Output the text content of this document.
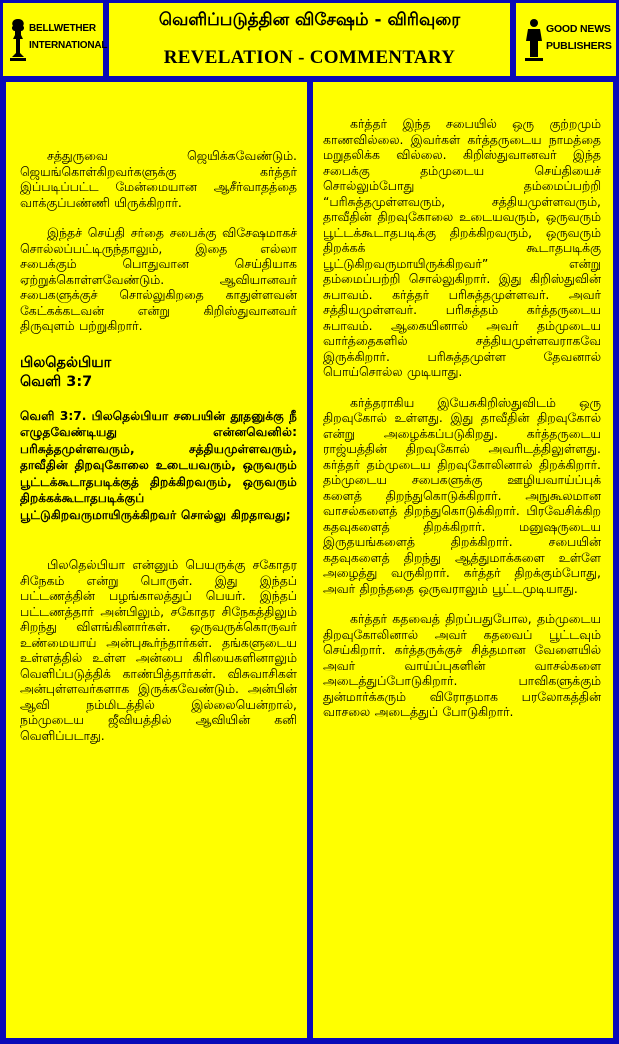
BELLWETHER
INTERNATIONAL
வெளிப்படுத்தின விசேஷம் - விரிவுரை
REVELATION - COMMENTARY
GOOD NEWS
PUBLISHERS

சத்துருவை ஜெயிக்கவேண்டும். ஜெயங்கொள்கிறவர்களுக்கு கர்த்தர் இப்படிப்பட்ட மேன்மையான ஆசீர்வாதத்தை வாக்குப்பண்ணி யிருக்கிறார்.

இந்தச் செய்தி சர்தை சபைக்கு விசேஷமாகச் சொல்லப்பட்டிருந்தாலும், இதை எல்லா சபைக்கும் பொதுவான செய்தியாக ஏற்றுக்கொள்ளவேண்டும். ஆவியானவர் சபைகளுக்குச் சொல்லுகிறதை காதுள்ளவன் கேட்கக்கடவன் என்று கிறிஸ்துவானவர் திருவுளம் பற்றுகிறார்.

பிலதெல்பியா
வெளி 3:7

வெளி 3:7. பிலதெல்பியா சபையின் தூதனுக்கு நீ எழுதவேண்டியது என்னவெனில்: பரிசுத்தமுள்ளவரும், சத்தியமுள்ளவரும், தாவீதின் திறவுகோலை உடையவரும், ஒருவரும் பூட்டக்கூடாதபடிக்குத் திறக்கிறவரும், ஒருவரும் திறக்கக்கூடாதபடிக்குப் பூட்டுகிறவருமாயிருக்கிறவர் சொல்லு கிறதாவது;

பிலதெல்பியா என்னும் பெயருக்கு சகோதர சிநேகம் என்று பொருள். இது இந்தப் பட்டணத்தின் பழங்காலத்துப் பெயர். இந்தப் பட்டணத்தார் அன்பிலும், சகோதர சிநேகத்திலும் சிறந்து விளங்கினார்கள். ஒருவருக்கொருவர் உண்மையாய் அன்புகூர்ந்தார்கள். தங்களுடைய உள்ளத்தில் உள்ள அன்பை கிரியைகளினாலும் வெளிப்படுத்திக் காண்பித்தார்கள். விசுவாசிகள் அன்புள்ளவர்களாக இருக்கவேண்டும். அன்பின் ஆவி நம்மிடத்தில் இல்லையென்றால், நம்முடைய ஜீவியத்தில் ஆவியின் கனி வெளிப்படாது.

கர்த்தர் இந்த சபையில் ஒரு குற்றமும் காணவில்லை. இவர்கள் கர்த்தருடைய நாமத்தை மறுதலிக்க வில்லை. கிறிஸ்துவானவர் இந்த சபைக்கு தம்முடைய செய்தியைச் சொல்லும்போது தம்மைப்பற்றி “பரிசுத்தமுள்ளவரும், சத்தியமுள்ளவரும், தாவீதின் திறவுகோலை உடையவரும், ஒருவரும் பூட்டக்கூடாதபடிக்கு திறக்கிறவரும், ஒருவரும் திறக்கக் கூடாதபடிக்கு பூட்டுகிறவருமாயிருக்கிறவர்” என்று தம்மைப்பற்றி சொல்லுகிறார். இது கிறிஸ்துவின் சுபாவம். கர்த்தர் பரிசுத்தமுள்ளவர். அவர் சத்தியமுள்ளவர். பரிசுத்தம் கர்த்தருடைய சுபாவம். ஆகையினால் அவர் தம்முடைய வார்த்தைகளில் சத்தியமுள்ளவராகவே இருக்கிறார். பரிசுத்தமுள்ள தேவனால் பொய்சொல்ல முடியாது.

கர்த்தராகிய இயேசுகிறிஸ்துவிடம் ஒரு திறவுகோல் உள்ளது. இது தாவீதின் திறவுகோல் என்று அழைக்கப்படுகிறது. கர்த்தருடைய ராஜ்யத்தின் திறவுகோல் அவரிடத்திலுள்ளது. கர்த்தர் தம்முடைய திறவுகோலினால் திறக்கிறார். தம்முடைய சபைகளுக்கு ஊழியவாய்ப்புக் களைத் திறந்துகொடுக்கிறார். அநுகூலமான வாசல்களைத் திறந்துகொடுக்கிறார். பிரவேசிக்கிற கதவுகளைத் திறக்கிறார். மனுஷருடைய இருதயங்களைத் திறக்கிறார். சபையின் கதவுகளைத் திறந்து ஆத்துமாக்களை உள்ளே அழைத்து வருகிறார். கர்த்தர் திறக்கும்போது, அவர் திறந்ததை ஒருவராலும் பூட்டமுடியாது.

கர்த்தர் கதவைத் திறப்பதுபோல, தம்முடைய திறவுகோலினால் அவர் கதவைப் பூட்டவும் செய்கிறார். கர்த்தருக்குச் சித்தமான வேளையில் அவர் வாய்ப்புகளின் வாசல்களை அடைத்துப்போடுகிறார். பாவிகளுக்கும் துன்மார்க்கரும் விரோதமாக பரலோகத்தின் வாசலை அடைத்துப் போடுகிறார்.
